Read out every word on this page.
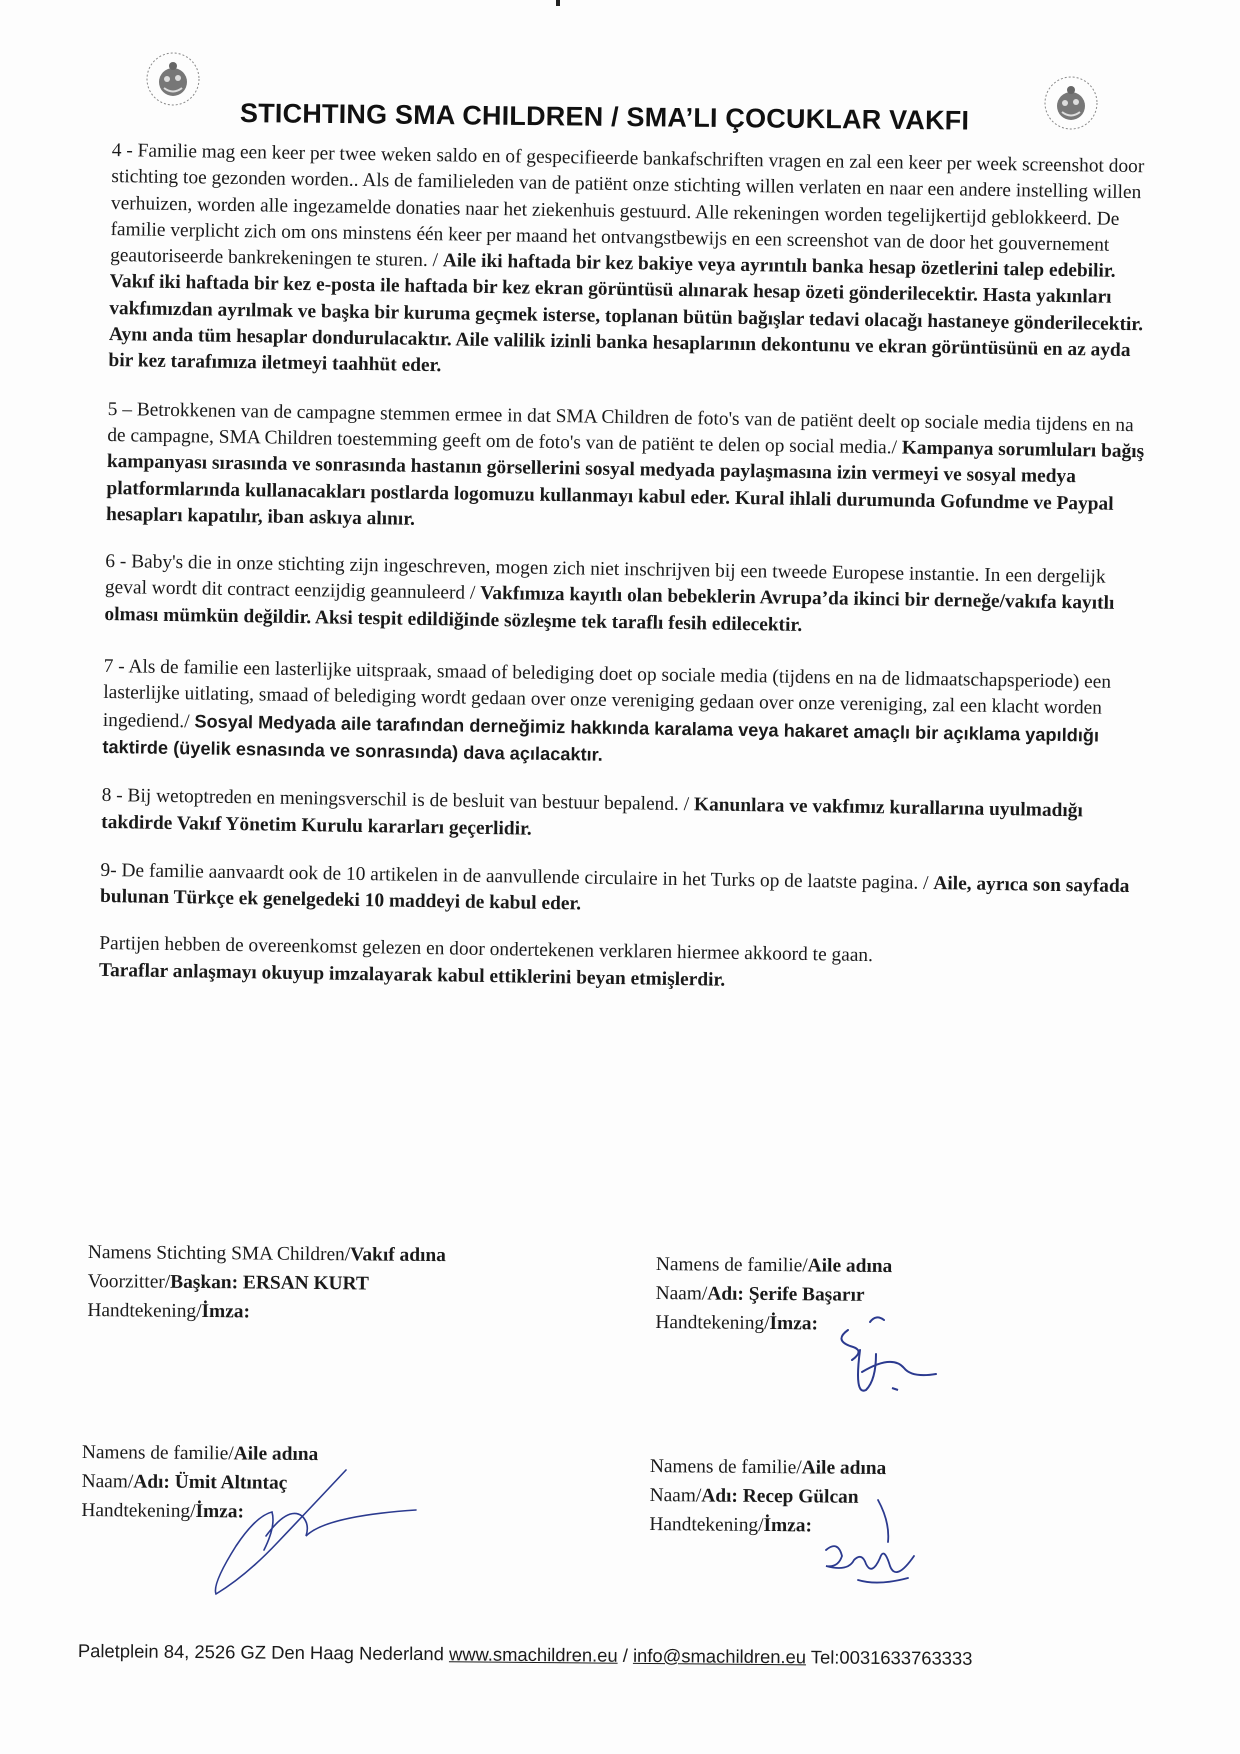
STICHTING SMA CHILDREN / SMA’LI ÇOCUKLAR VAKFI

4 - Familie mag een keer per twee weken saldo en of gespecifieerde bankafschriften vragen en zal een keer per week screenshot door stichting toe gezonden worden.. Als de familieleden van de patiënt onze stichting willen verlaten en naar een andere instelling willen verhuizen, worden alle ingezamelde donaties naar het ziekenhuis gestuurd. Alle rekeningen worden tegelijkertijd geblokkeerd. De familie verplicht zich om ons minstens één keer per maand het ontvangstbewijs en een screenshot van de door het gouvernement geautoriseerde bankrekeningen te sturen. / Aile iki haftada bir kez bakiye veya ayrıntılı banka hesap özetlerini talep edebilir. Vakıf iki haftada bir kez e-posta ile haftada bir kez ekran görüntüsü alınarak hesap özeti gönderilecektir. Hasta yakınları vakfımızdan ayrılmak ve başka bir kuruma geçmek isterse, toplanan bütün bağışlar tedavi olacağı hastaneye gönderilecektir. Aynı anda tüm hesaplar dondurulacaktır. Aile valilik izinli banka hesaplarının dekontunu ve ekran görüntüsünü en az ayda bir kez tarafımıza iletmeyi taahhüt eder.

5 – Betrokkenen van de campagne stemmen ermee in dat SMA Children de foto's van de patiënt deelt op sociale media tijdens en na de campagne, SMA Children toestemming geeft om de foto's van de patiënt te delen op social media./ Kampanya sorumluları bağış kampanyası sırasında ve sonrasında hastanın görsellerini sosyal medyada paylaşmasına izin vermeyi ve sosyal medya platformlarında kullanacakları postlarda logomuzu kullanmayı kabul eder. Kural ihlali durumunda Gofundme ve Paypal hesapları kapatılır, iban askıya alınır.

6 - Baby's die in onze stichting zijn ingeschreven, mogen zich niet inschrijven bij een tweede Europese instantie. In een dergelijk geval wordt dit contract eenzijdig geannuleerd / Vakfımıza kayıtlı olan bebeklerin Avrupa’da ikinci bir derneğe/vakıfa kayıtlı olması mümkün değildir. Aksi tespit edildiğinde sözleşme tek taraflı fesih edilecektir.

7 - Als de familie een lasterlijke uitspraak, smaad of belediging doet op sociale media (tijdens en na de lidmaatschapsperiode) een lasterlijke uitlating, smaad of belediging wordt gedaan over onze vereniging gedaan over onze vereniging, zal een klacht worden ingediend./ Sosyal Medyada aile tarafından derneğimiz hakkında karalama veya hakaret amaçlı bir açıklama yapıldığı taktirde (üyelik esnasında ve sonrasında) dava açılacaktır.

8 - Bij wetoptreden en meningsverschil is de besluit van bestuur bepalend. / Kanunlara ve vakfımız kurallarına uyulmadığı takdirde Vakıf Yönetim Kurulu kararları geçerlidir.

9- De familie aanvaardt ook de 10 artikelen in de aanvullende circulaire in het Turks op de laatste pagina. / Aile, ayrıca son sayfada bulunan Türkçe ek genelgedeki 10 maddeyi de kabul eder.

Partijen hebben de overeenkomst gelezen en door ondertekenen verklaren hiermee akkoord te gaan.
Taraflar anlaşmayı okuyup imzalayarak kabul ettiklerini beyan etmişlerdir.

Namens Stichting SMA Children/Vakıf adına
Voorzitter/Başkan: ERSAN KURT
Handtekening/İmza:
Namens de familie/Aile adına
Naam/Adı: Şerife Başarır
Handtekening/İmza:
Namens de familie/Aile adına
Naam/Adı: Ümit Altıntaç
Handtekening/İmza:
Namens de familie/Aile adına
Naam/Adı: Recep Gülcan
Handtekening/İmza:
Paletplein 84, 2526 GZ Den Haag Nederland www.smachildren.eu / info@smachildren.eu Tel:0031633763333
